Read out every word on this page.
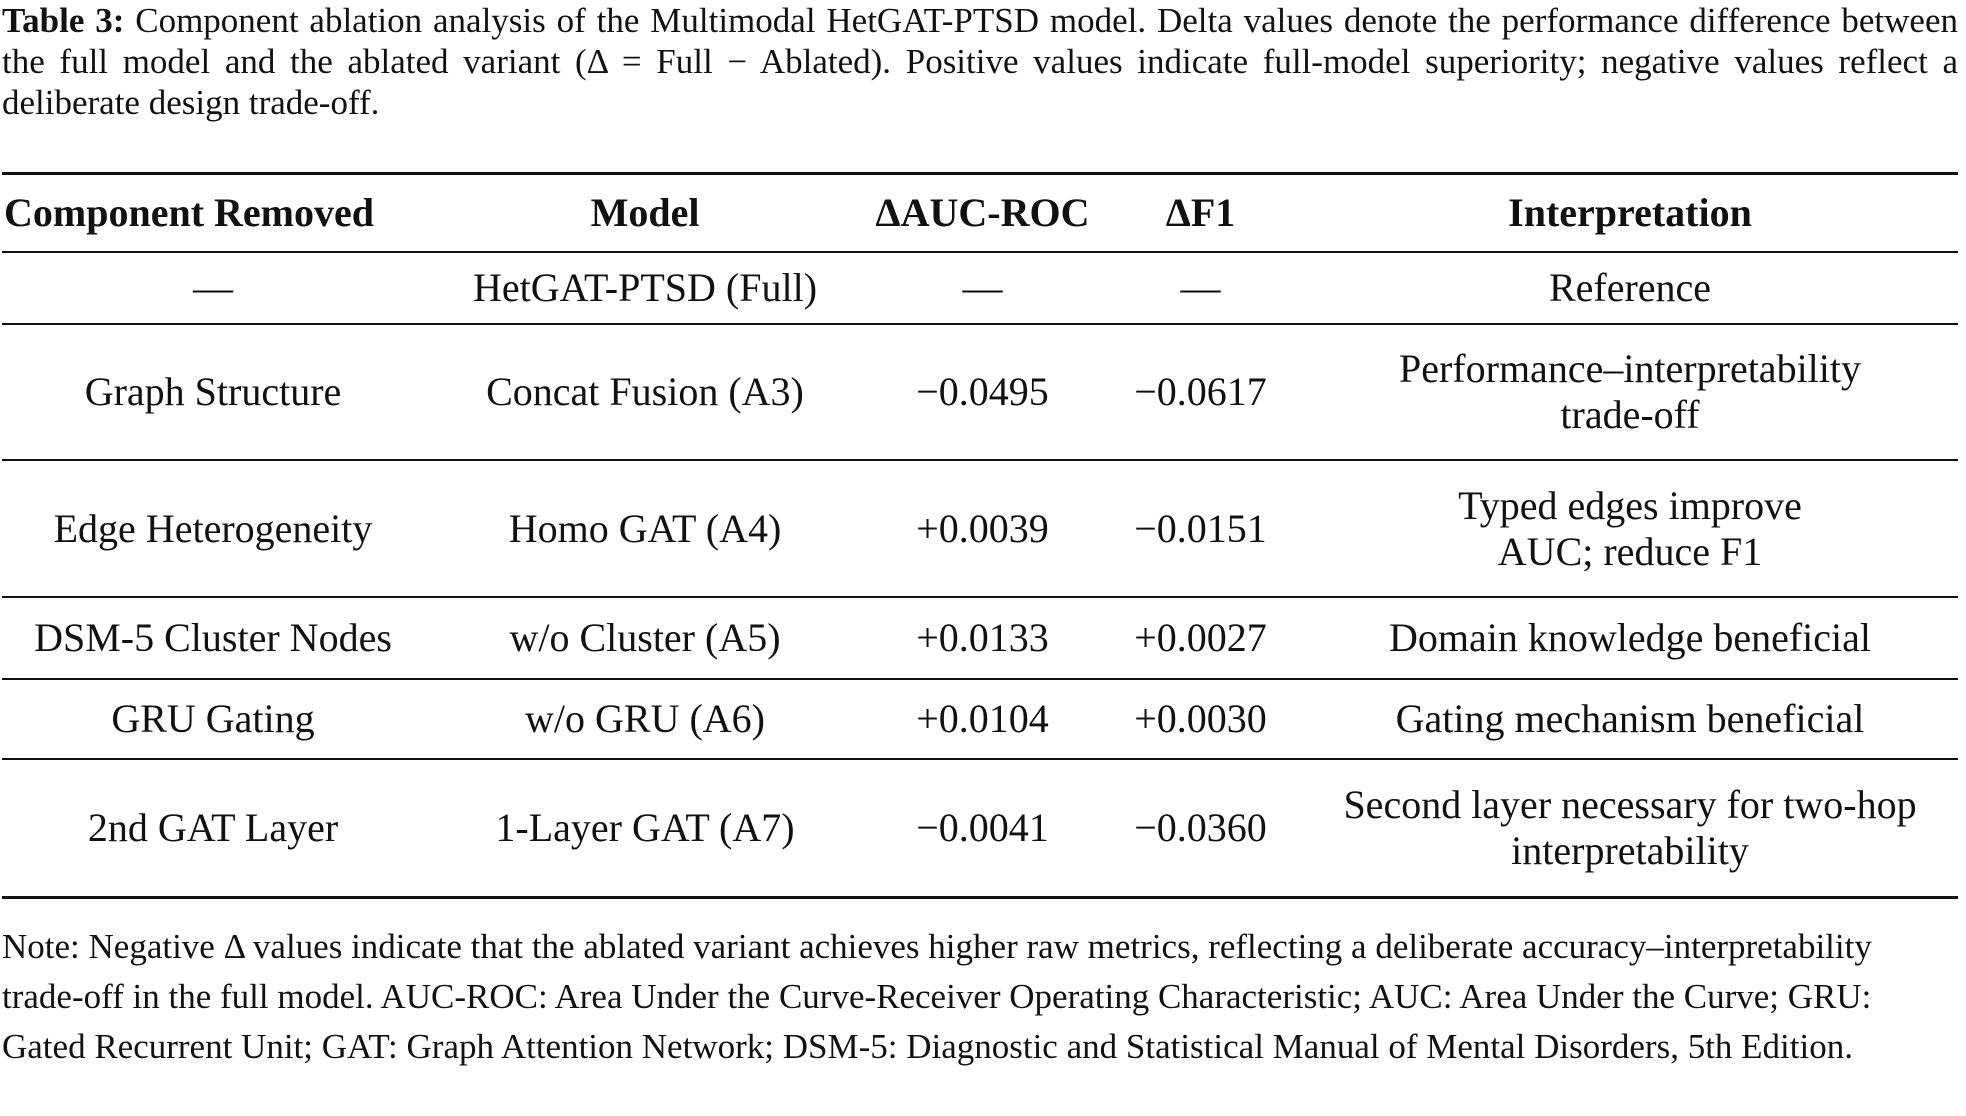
Table 3: Component ablation analysis of the Multimodal HetGAT-PTSD model. Delta values denote the performance difference between the full model and the ablated variant (Δ = Full − Ablated). Positive values indicate full-model superiority; negative values reflect a deliberate design trade-off.
Component Removed	Model	ΔAUC-ROC	ΔF1	Interpretation
—	HetGAT-PTSD (Full)	—	—	Reference
Graph Structure	Concat Fusion (A3)	−0.0495	−0.0617	Performance–interpretability trade-off
Edge Heterogeneity	Homo GAT (A4)	+0.0039	−0.0151	Typed edges improve AUC; reduce F1
DSM-5 Cluster Nodes	w/o Cluster (A5)	+0.0133	+0.0027	Domain knowledge beneficial
GRU Gating	w/o GRU (A6)	+0.0104	+0.0030	Gating mechanism beneficial
2nd GAT Layer	1-Layer GAT (A7)	−0.0041	−0.0360	Second layer necessary for two-hop interpretability
Note: Negative Δ values indicate that the ablated variant achieves higher raw metrics, reflecting a deliberate accuracy–interpretability trade-off in the full model. AUC-ROC: Area Under the Curve-Receiver Operating Characteristic; AUC: Area Under the Curve; GRU: Gated Recurrent Unit; GAT: Graph Attention Network; DSM-5: Diagnostic and Statistical Manual of Mental Disorders, 5th Edition.
